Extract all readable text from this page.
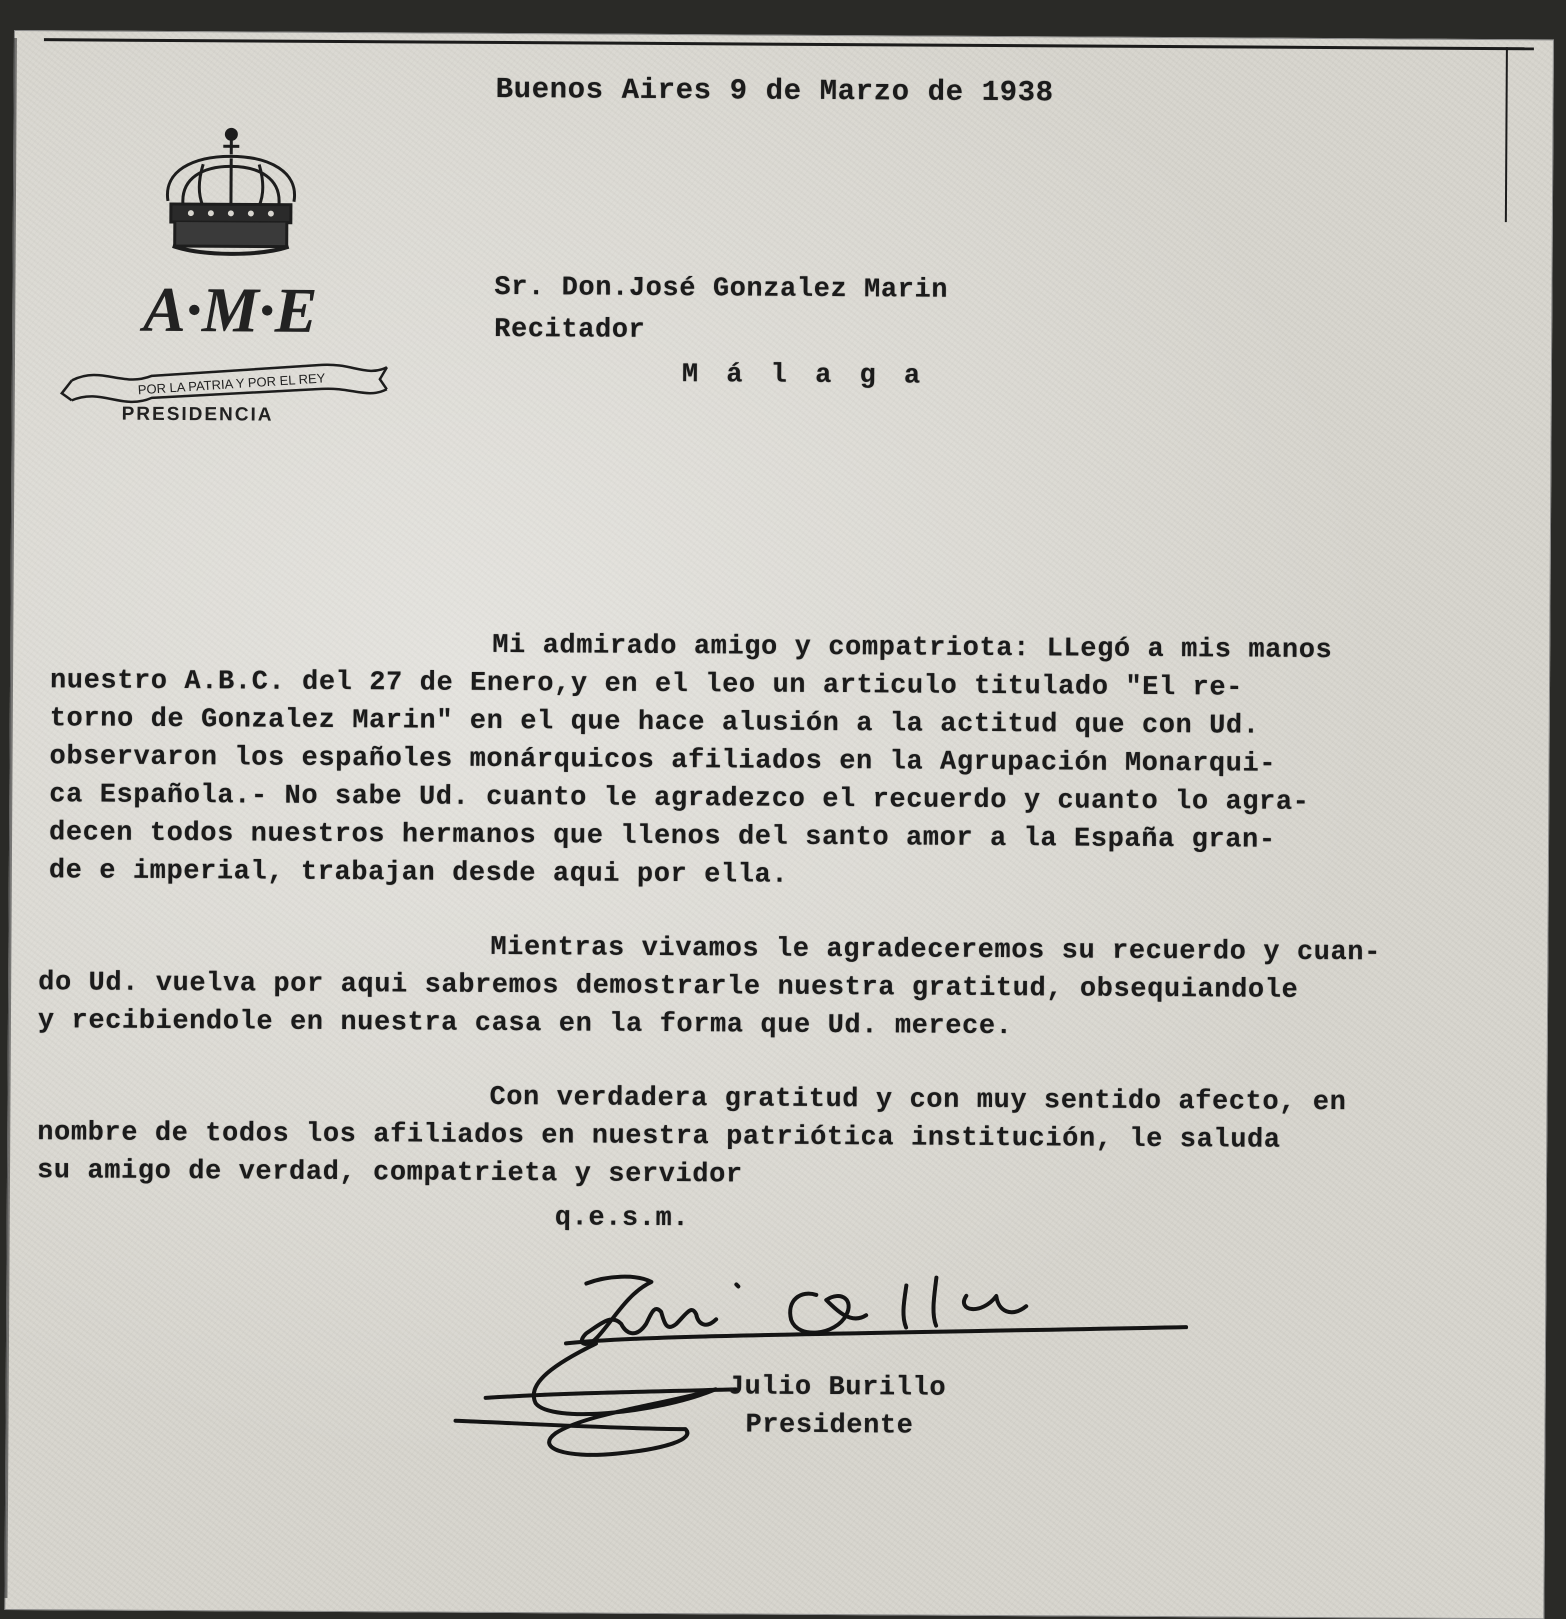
A·M·E
POR LA PATRIA Y POR EL REY
PRESIDENCIA
Buenos Aires 9 de Marzo de 1938
Sr. Don.José Gonzalez Marin
Recitador
M á l a g a
Mi admirado amigo y compatriota: LLegó a mis manos
nuestro A.B.C. del 27 de Enero,y en el leo un articulo titulado "El re-
torno de Gonzalez Marin" en el que hace alusión a la actitud que con Ud.
observaron los españoles monárquicos afiliados en la Agrupación Monarqui-
ca Española.- No sabe Ud. cuanto le agradezco el recuerdo y cuanto lo agra-
decen todos nuestros hermanos que llenos del santo amor a la España gran-
de e imperial, trabajan desde aqui por ella.
Mientras vivamos le agradeceremos su recuerdo y cuan-
do Ud. vuelva por aqui sabremos demostrarle nuestra gratitud, obsequiandole
y recibiendole en nuestra casa en la forma que Ud. merece.
Con verdadera gratitud y con muy sentido afecto, en
nombre de todos los afiliados en nuestra patriótica institución, le saluda
su amigo de verdad, compatrieta y servidor
q.e.s.m.
Julio Burillo
Presidente
